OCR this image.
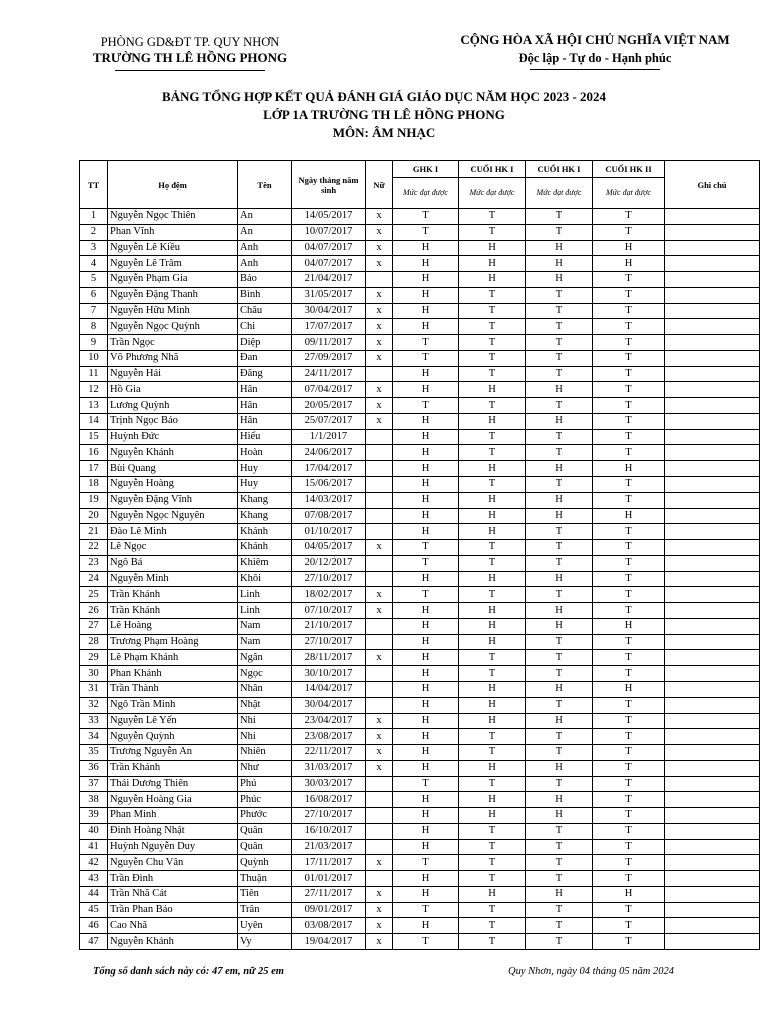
PHÒNG GD&ĐT TP. QUY NHƠN
TRƯỜNG TH LÊ HỒNG PHONG
CỘNG HÒA XÃ HỘI CHỦ NGHĨA VIỆT NAM
Độc lập - Tự do - Hạnh phúc
BẢNG TỔNG HỢP KẾT QUẢ ĐÁNH GIÁ GIÁO DỤC NĂM HỌC 2023 - 2024
LỚP 1A TRƯỜNG TH LÊ HỒNG PHONG
MÔN: ÂM NHẠC
TT	Họ đệm	Tên	Ngày tháng năm sinh	Nữ	GHK I	CUỐI HK I	CUỐI HK I	CUỐI HK II	Ghi chú
					Mức đạt được	Mức đạt được	Mức đạt được	Mức đạt được	
1	Nguyễn Ngọc Thiên	An	14/05/2017	x	T	T	T	T	
2	Phan Vĩnh	An	10/07/2017	x	T	T	T	T	
3	Nguyễn Lê Kiều	Anh	04/07/2017	x	H	H	H	H	
4	Nguyễn Lê Trâm	Anh	04/07/2017	x	H	H	H	H	
5	Nguyễn Phạm Gia	Bảo	21/04/2017		H	H	H	T	
6	Nguyễn Đặng Thanh	Bình	31/05/2017	x	H	T	T	T	
7	Nguyễn Hữu Minh	Châu	30/04/2017	x	H	T	T	T	
8	Nguyễn Ngọc Quỳnh	Chi	17/07/2017	x	H	T	T	T	
9	Trần Ngọc	Diệp	09/11/2017	x	T	T	T	T	
10	Võ Phương Nhã	Đan	27/09/2017	x	T	T	T	T	
11	Nguyễn Hải	Đăng	24/11/2017		H	T	T	T	
12	Hồ Gia	Hân	07/04/2017	x	H	H	H	T	
13	Lương Quỳnh	Hân	20/05/2017	x	T	T	T	T	
14	Trịnh Ngọc Bảo	Hân	25/07/2017	x	H	H	H	T	
15	Huỳnh Đức	Hiếu	1/1/2017		H	T	T	T	
16	Nguyễn Khánh	Hoàn	24/06/2017		H	T	T	T	
17	Bùi Quang	Huy	17/04/2017		H	H	H	H	
18	Nguyễn Hoàng	Huy	15/06/2017		H	T	T	T	
19	Nguyễn Đặng Vĩnh	Khang	14/03/2017		H	H	H	T	
20	Nguyễn Ngọc Nguyên	Khang	07/08/2017		H	H	H	H	
21	Đào Lê Minh	Khánh	01/10/2017		H	H	T	T	
22	Lê Ngọc	Khánh	04/05/2017	x	T	T	T	T	
23	Ngô Bá	Khiêm	20/12/2017		T	T	T	T	
24	Nguyễn Minh	Khôi	27/10/2017		H	H	H	T	
25	Trần Khánh	Linh	18/02/2017	x	T	T	T	T	
26	Trần Khánh	Linh	07/10/2017	x	H	H	H	T	
27	Lê Hoàng	Nam	21/10/2017		H	H	H	H	
28	Trương Phạm Hoàng	Nam	27/10/2017		H	H	T	T	
29	Lê Phạm Khánh	Ngân	28/11/2017	x	H	T	T	T	
30	Phan Khánh	Ngọc	30/10/2017		H	T	T	T	
31	Trần Thành	Nhân	14/04/2017		H	H	H	H	
32	Ngô Trần Minh	Nhật	30/04/2017		H	H	T	T	
33	Nguyễn Lê Yến	Nhi	23/04/2017	x	H	H	H	T	
34	Nguyễn Quỳnh	Nhi	23/08/2017	x	H	T	T	T	
35	Trương Nguyễn An	Nhiên	22/11/2017	x	H	T	T	T	
36	Trần Khánh	Như	31/03/2017	x	H	H	H	T	
37	Thái Dương Thiên	Phú	30/03/2017		T	T	T	T	
38	Nguyễn Hoàng Gia	Phúc	16/08/2017		H	H	H	T	
39	Phan Minh	Phước	27/10/2017		H	H	H	T	
40	Đinh Hoàng Nhật	Quân	16/10/2017		H	T	T	T	
41	Huỳnh Nguyễn Duy	Quân	21/03/2017		H	T	T	T	
42	Nguyễn Chu Vân	Quỳnh	17/11/2017	x	T	T	T	T	
43	Trần Đình	Thuận	01/01/2017		H	T	T	T	
44	Trần Nhã Cát	Tiên	27/11/2017	x	H	H	H	H	
45	Trần Phan Bảo	Trân	09/01/2017	x	T	T	T	T	
46	Cao Nhã	Uyên	03/08/2017	x	H	T	T	T	
47	Nguyễn Khánh	Vy	19/04/2017	x	T	T	T	T	
Tổng số danh sách này có: 47 em, nữ 25 em	Quy Nhơn, ngày 04 tháng 05 năm 2024
